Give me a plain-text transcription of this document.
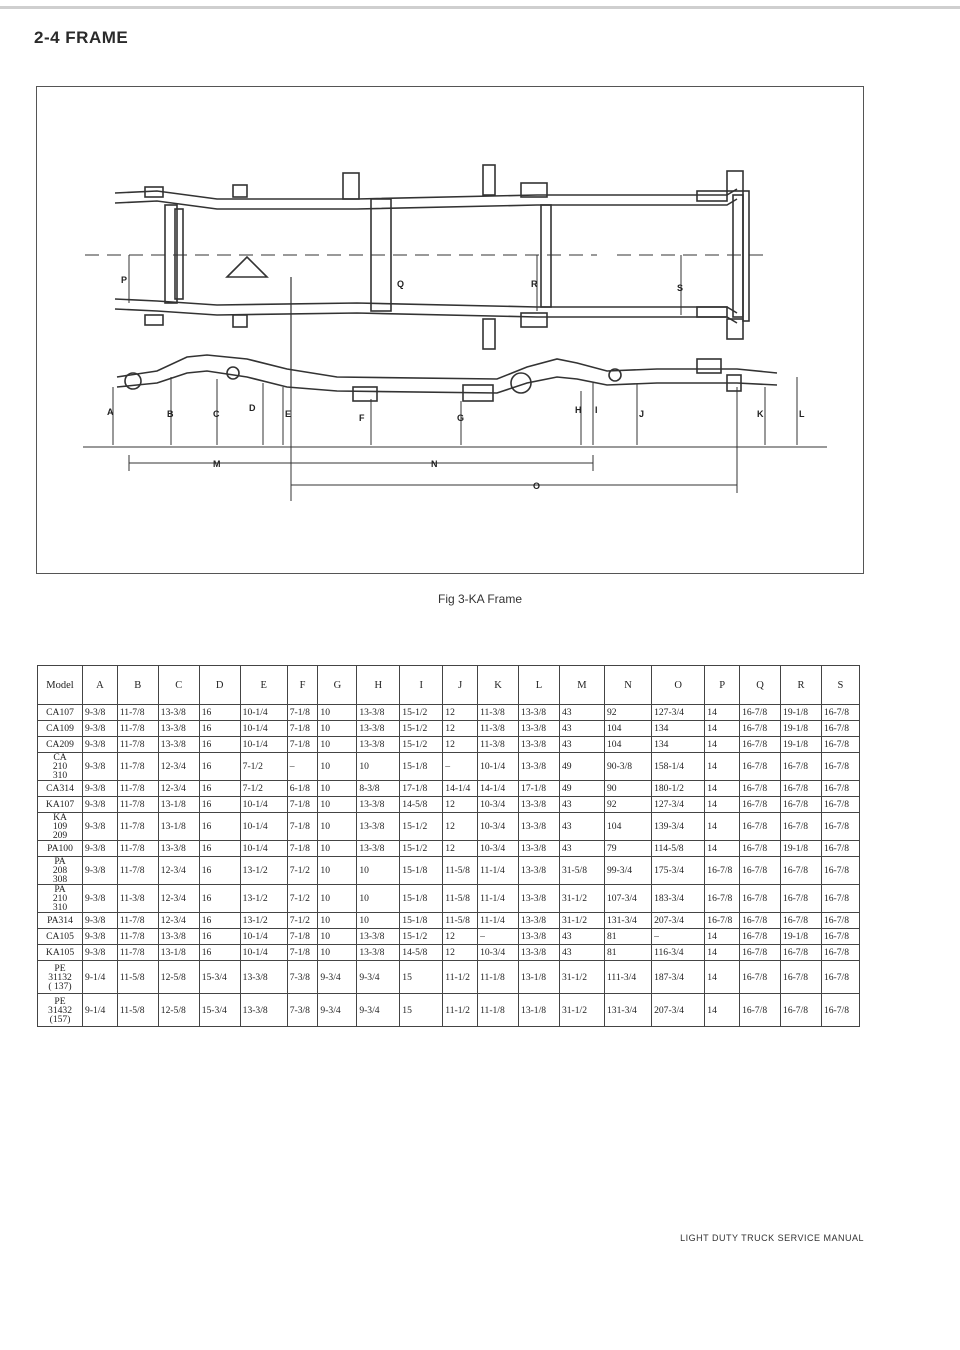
2-4 FRAME
P	Q	R	S
A	B	C
D
E	F	G
H I	J	K	L
M	N
O
Fig 3-KA Frame
Model	A	B	C	D	E	F	G	H	I	J	K	L	M	N	O	P	Q	R	S

CA107	9-3/8	11-7/8	13-3/8	16	10-1/4	7-1/8	10	13-3/8	15-1/2	12	11-3/8	13-3/8	43	92	127-3/4	14	16-7/8	19-1/8	16-7/8

CA109	9-3/8	11-7/8	13-3/8	16	10-1/4	7-1/8	10	13-3/8	15-1/2	12	11-3/8	13-3/8	43	104	134	14	16-7/8	19-1/8	16-7/8

CA209	9-3/8	11-7/8	13-3/8	16	10-1/4	7-1/8	10	13-3/8	15-1/2	12	11-3/8	13-3/8	43	104	134	14	16-7/8	19-1/8	16-7/8

CA
210
310	9-3/8	11-7/8	12-3/4	16	7-1/2	–	10	10	15-1/8	–	10-1/4	13-3/8	49	90-3/8	158-1/4	14	16-7/8	16-7/8	16-7/8

CA314	9-3/8	11-7/8	12-3/4	16	7-1/2	6-1/8	10	8-3/8	17-1/8	14-1/4	14-1/4	17-1/8	49	90	180-1/2	14	16-7/8	16-7/8	16-7/8

KA107	9-3/8	11-7/8	13-1/8	16	10-1/4	7-1/8	10	13-3/8	14-5/8	12	10-3/4	13-3/8	43	92	127-3/4	14	16-7/8	16-7/8	16-7/8

KA
109
209	9-3/8	11-7/8	13-1/8	16	10-1/4	7-1/8	10	13-3/8	15-1/2	12	10-3/4	13-3/8	43	104	139-3/4	14	16-7/8	16-7/8	16-7/8

PA100	9-3/8	11-7/8	13-3/8	16	10-1/4	7-1/8	10	13-3/8	15-1/2	12	10-3/4	13-3/8	43	79	114-5/8	14	16-7/8	19-1/8	16-7/8

PA
208
308	9-3/8	11-7/8	12-3/4	16	13-1/2	7-1/2	10	10	15-1/8	11-5/8	11-1/4	13-3/8	31-5/8	99-3/4	175-3/4	16-7/8	16-7/8	16-7/8	16-7/8

PA
210
310	9-3/8	11-3/8	12-3/4	16	13-1/2	7-1/2	10	10	15-1/8	11-5/8	11-1/4	13-3/8	31-1/2	107-3/4	183-3/4	16-7/8	16-7/8	16-7/8	16-7/8

PA314	9-3/8	11-7/8	12-3/4	16	13-1/2	7-1/2	10	10	15-1/8	11-5/8	11-1/4	13-3/8	31-1/2	131-3/4	207-3/4	16-7/8	16-7/8	16-7/8	16-7/8

CA105	9-3/8	11-7/8	13-3/8	16	10-1/4	7-1/8	10	13-3/8	15-1/2	12	–	13-3/8	43	81	–	14	16-7/8	19-1/8	16-7/8

KA105	9-3/8	11-7/8	13-1/8	16	10-1/4	7-1/8	10	13-3/8	14-5/8	12	10-3/4	13-3/8	43	81	116-3/4	14	16-7/8	16-7/8	16-7/8

PE
31132
( 137)	9-1/4	11-5/8	12-5/8	15-3/4	13-3/8	7-3/8	9-3/4	9-3/4	15	11-1/2	11-1/8	13-1/8	31-1/2	111-3/4	187-3/4	14	16-7/8	16-7/8	16-7/8

PE
31432
(157)	9-1/4	11-5/8	12-5/8	15-3/4	13-3/8	7-3/8	9-3/4	9-3/4	15	11-1/2	11-1/8	13-1/8	31-1/2	131-3/4	207-3/4	14	16-7/8	16-7/8	16-7/8
LIGHT DUTY TRUCK SERVICE MANUAL
